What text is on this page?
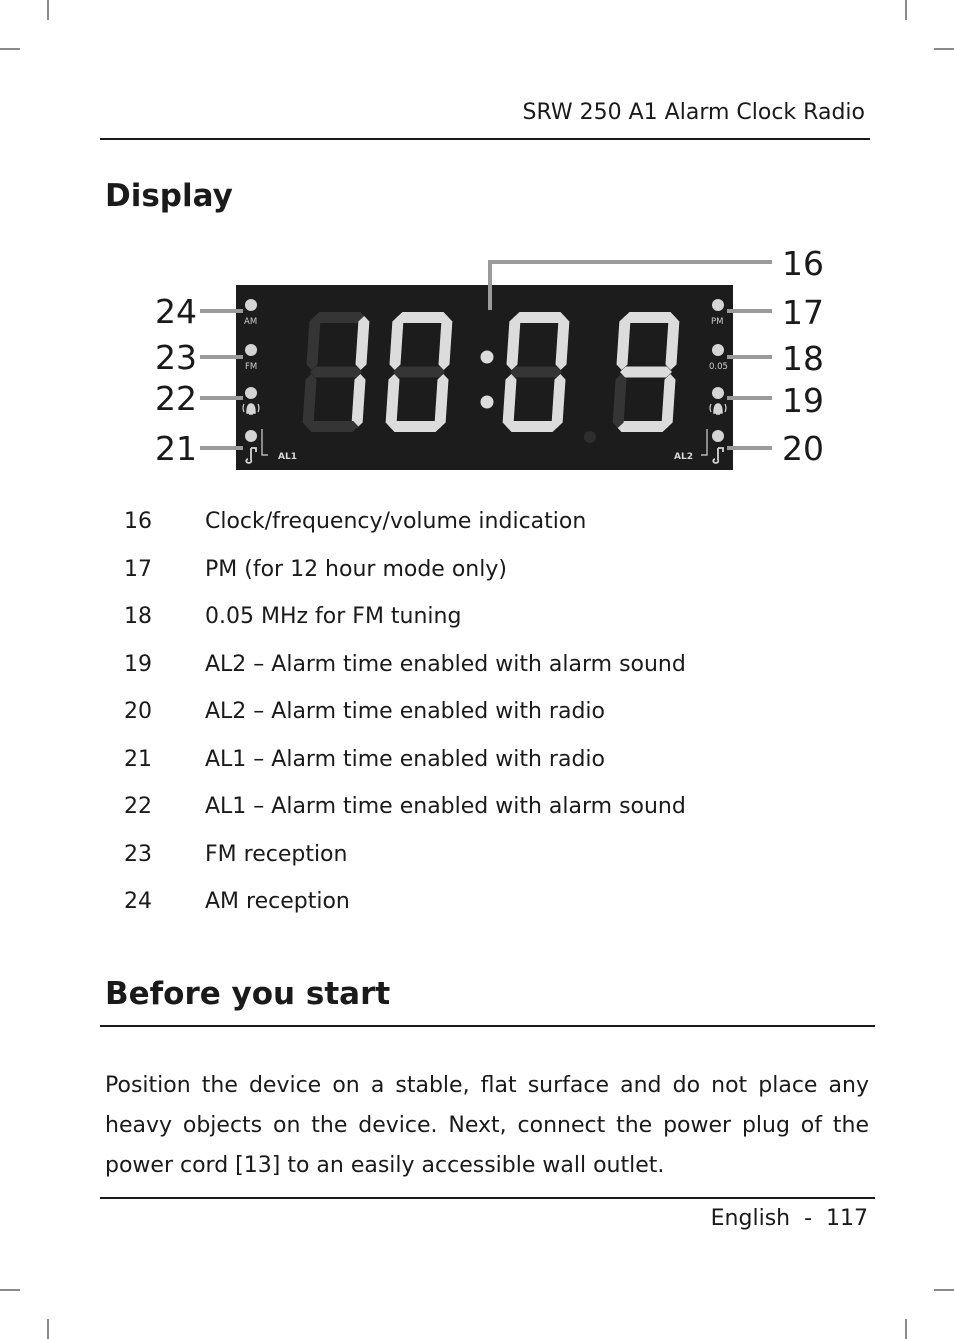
SRW 250 A1 Alarm Clock Radio
Display
AM
FM
AL1
PM
0.05
AL2
24
23
22
21
16
17
18
19
20
16 Clock/frequency/volume indication
17 PM (for 12 hour mode only)
18 0.05 MHz for FM tuning
19 AL2 – Alarm time enabled with alarm sound
20 AL2 – Alarm time enabled with radio
21 AL1 – Alarm time enabled with radio
22 AL1 – Alarm time enabled with alarm sound
23 FM reception
24 AM reception
Before you start

Position the device on a stable, flat surface and do not place any heavy objects on the device. Next, connect the power plug of the power cord [13] to an easily accessible wall outlet.

English  -  117
